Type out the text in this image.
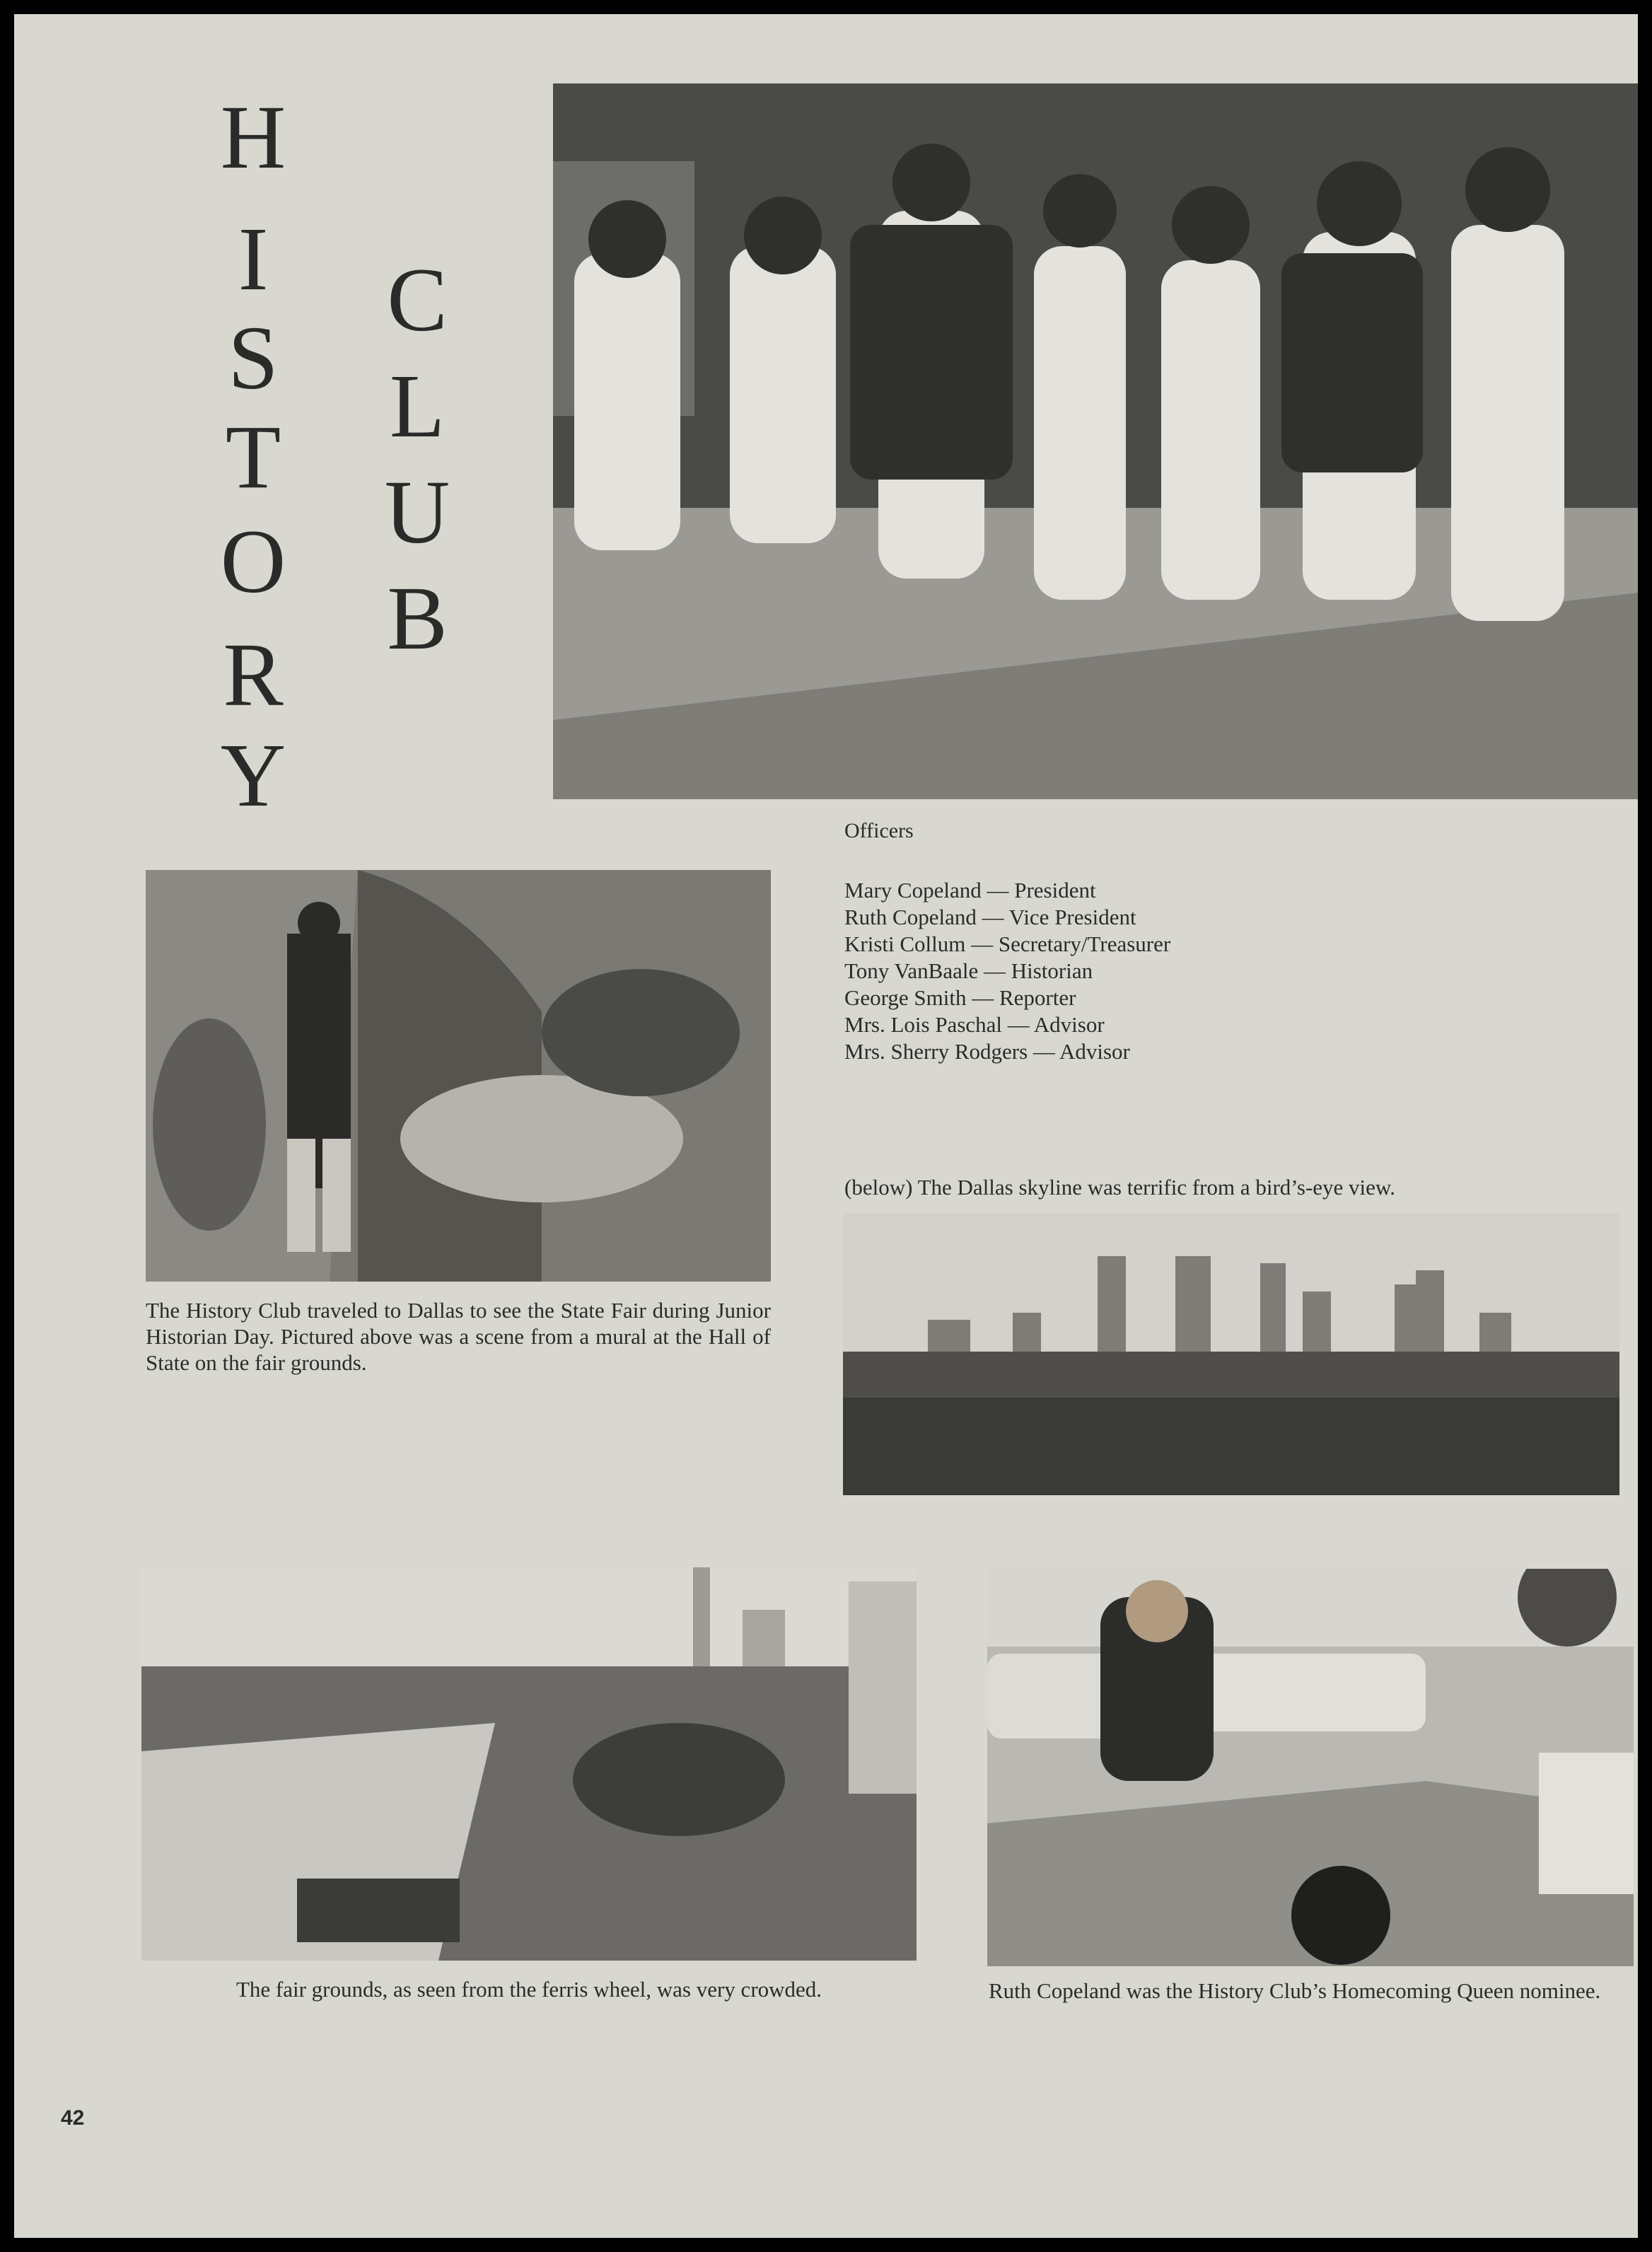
H
I
S
T
O
R
Y
C
L
U
B
Officers
Mary Copeland — President
Ruth Copeland — Vice President
Kristi Collum — Secretary/Treasurer
Tony VanBaale — Historian
George Smith — Reporter
Mrs. Lois Paschal — Advisor
Mrs. Sherry Rodgers — Advisor
The History Club traveled to Dallas to see the State Fair during Junior Historian Day. Pictured above was a scene from a mural at the Hall of State on the fair grounds.
(below) The Dallas skyline was terrific from a bird’s-eye view.
The fair grounds, as seen from the ferris wheel, was very crowded.	Ruth Copeland was the History Club’s Homecoming Queen nominee.
42
